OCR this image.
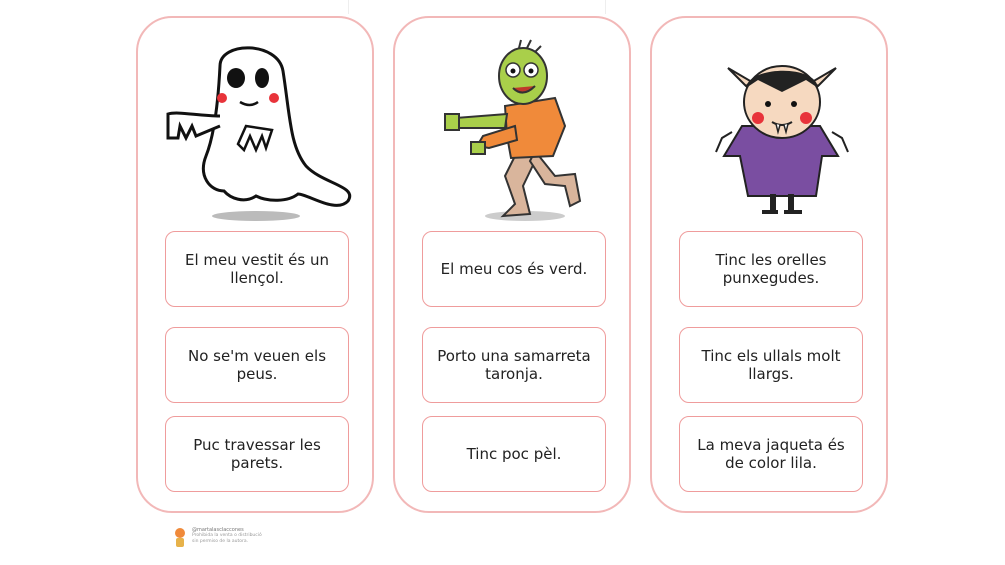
El meu vestit és un llençol.
No se'm veuen els peus.
Puc travessar les parets.
El meu cos és verd.
Porto una samarreta taronja.
Tinc poc pèl.
Tinc les orelles punxegudes.
Tinc els ullals molt llargs.
La meva jaqueta és de color lila.
@martalasclaccones
Prohibida la venta o distribució sin permiso de la autora.
